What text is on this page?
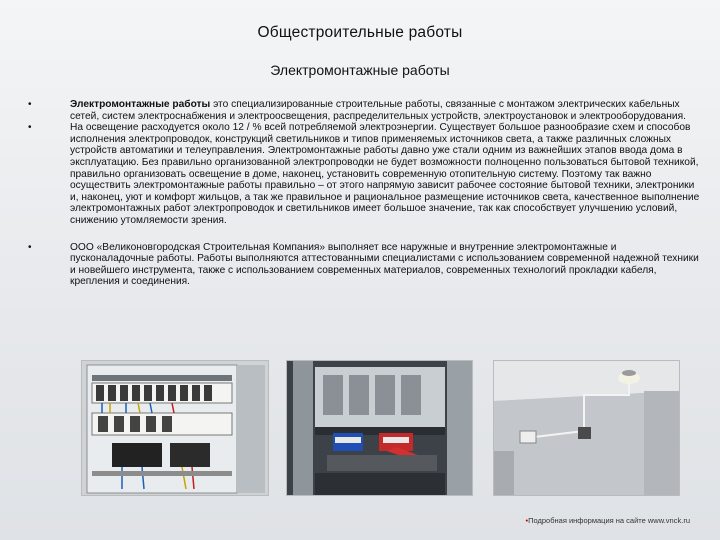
Общестроительные работы
Электромонтажные работы
•	Электромонтажные работы это специализированные строительные работы, связанные с монтажом электрических кабельных сетей, систем электроснабжения и электроосвещения, распределительных устройств, электроустановок и электрооборудования.
•	На освещение расходуется около 12 / % всей потребляемой электроэнергии. Существует большое разнообразие схем и способов исполнения электропроводок, конструкций светильников и типов применяемых источников света, а также различных сложных устройств автоматики и телеуправления. Электромонтажные работы давно уже стали одним из важнейших этапов ввода дома в эксплуатацию. Без правильно организованной электропроводки не будет возможности полноценно пользоваться бытовой техникой, правильно организовать освещение в доме, наконец, установить современную отопительную систему. Поэтому так важно осуществить электромонтажные работы правильно – от этого напрямую зависит рабочее состояние бытовой техники, электроники и, наконец, уют и комфорт жильцов, а так же правильное и рациональное размещение источников света, качественное выполнение электромонтажных работ электропроводок и светильников имеет большое значение, так как способствует улучшению условий, снижению утомляемости зрения.
•	ООО «Великоновгородская Строительная Компания» выполняет все наружные и внутренние электромонтажные и пусконаладочные работы. Работы выполняются аттестованными специалистами с использованием современной надежной техники и новейшего инструмента, также с использованием современных материалов, современных технологий прокладки кабеля, крепления и соединения.
•Подробная информация на сайте www.vnck.ru
